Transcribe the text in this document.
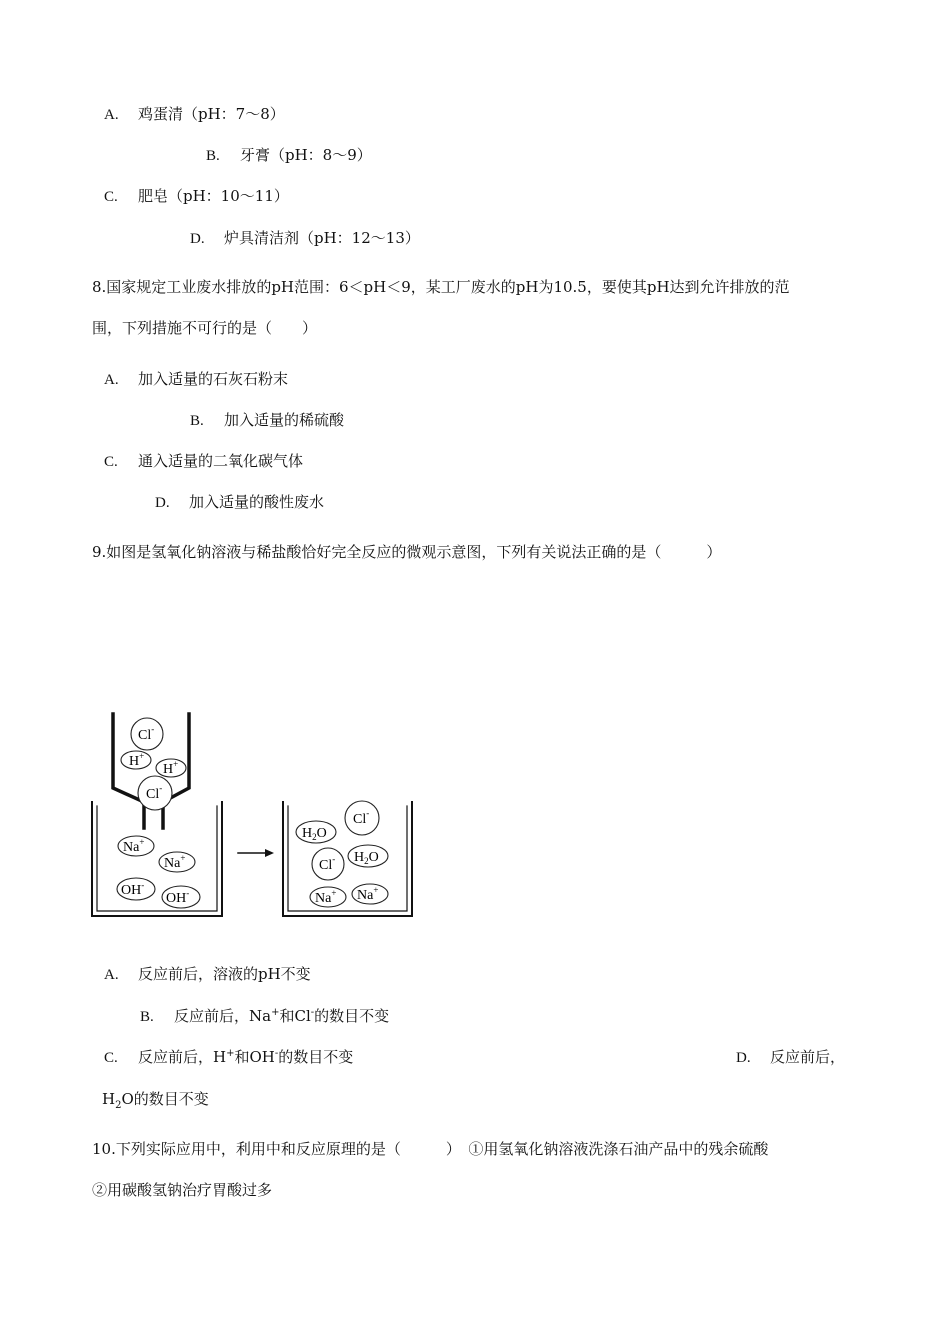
A. 鸡蛋清（pH：7～8）
B. 牙膏（pH：8～9）
C. 肥皂（pH：10～11）
D. 炉具清洁剂（pH：12～13）
8.国家规定工业废水排放的pH范围：6＜pH＜9，某工厂废水的pH为10.5，要使其pH达到允许排放的范
围，下列措施不可行的是（　　）
A. 加入适量的石灰石粉末
B. 加入适量的稀硫酸
C. 通入适量的二氧化碳气体
D. 加入适量的酸性废水
9.如图是氢氧化钠溶液与稀盐酸恰好完全反应的微观示意图，下列有关说法正确的是（　　　）
Cl-
H+
H+
Cl-
Na+
Na+
OH-
OH-
Cl-
$H_2O$
$H_2O$
Cl-
Na+ Na+
A. 反应前后，溶液的pH不变
B. 反应前后，Na+和Cl-的数目不变
C. 反应前后，H+和OH-的数目不变	D. 反应前后，
$H_2O$的数目不变
10.下列实际应用中，利用中和反应原理的是（　　　）　①用氢氧化钠溶液洗涤石油产品中的残余硫酸
②用碳酸氢钠治疗胃酸过多
